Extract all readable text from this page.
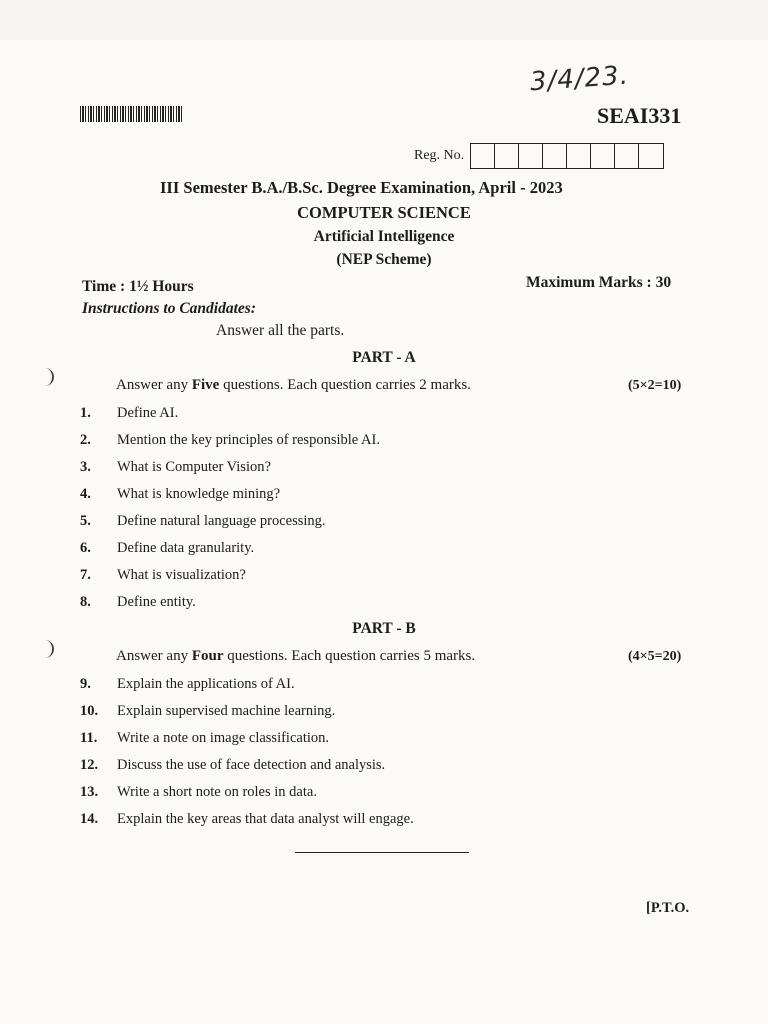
3/4/23.
SEAI331
Reg. No.
III Semester B.A./B.Sc. Degree Examination, April - 2023
COMPUTER SCIENCE
Artificial Intelligence
(NEP Scheme)
Time : 1½ Hours	Maximum Marks : 30
Instructions to Candidates:
Answer all the parts.
PART - A
Answer any Five questions. Each question carries 2 marks.	(5×2=10)
1. Define AI.
2. Mention the key principles of responsible AI.
3. What is Computer Vision?
4. What is knowledge mining?
5. Define natural language processing.
6. Define data granularity.
7. What is visualization?
8. Define entity.
PART - B
Answer any Four questions. Each question carries 5 marks.	(4×5=20)
9. Explain the applications of AI.
10. Explain supervised machine learning.
11. Write a note on image classification.
12. Discuss the use of face detection and analysis.
13. Write a short note on roles in data.
14. Explain the key areas that data analyst will engage.
[P.T.O.
